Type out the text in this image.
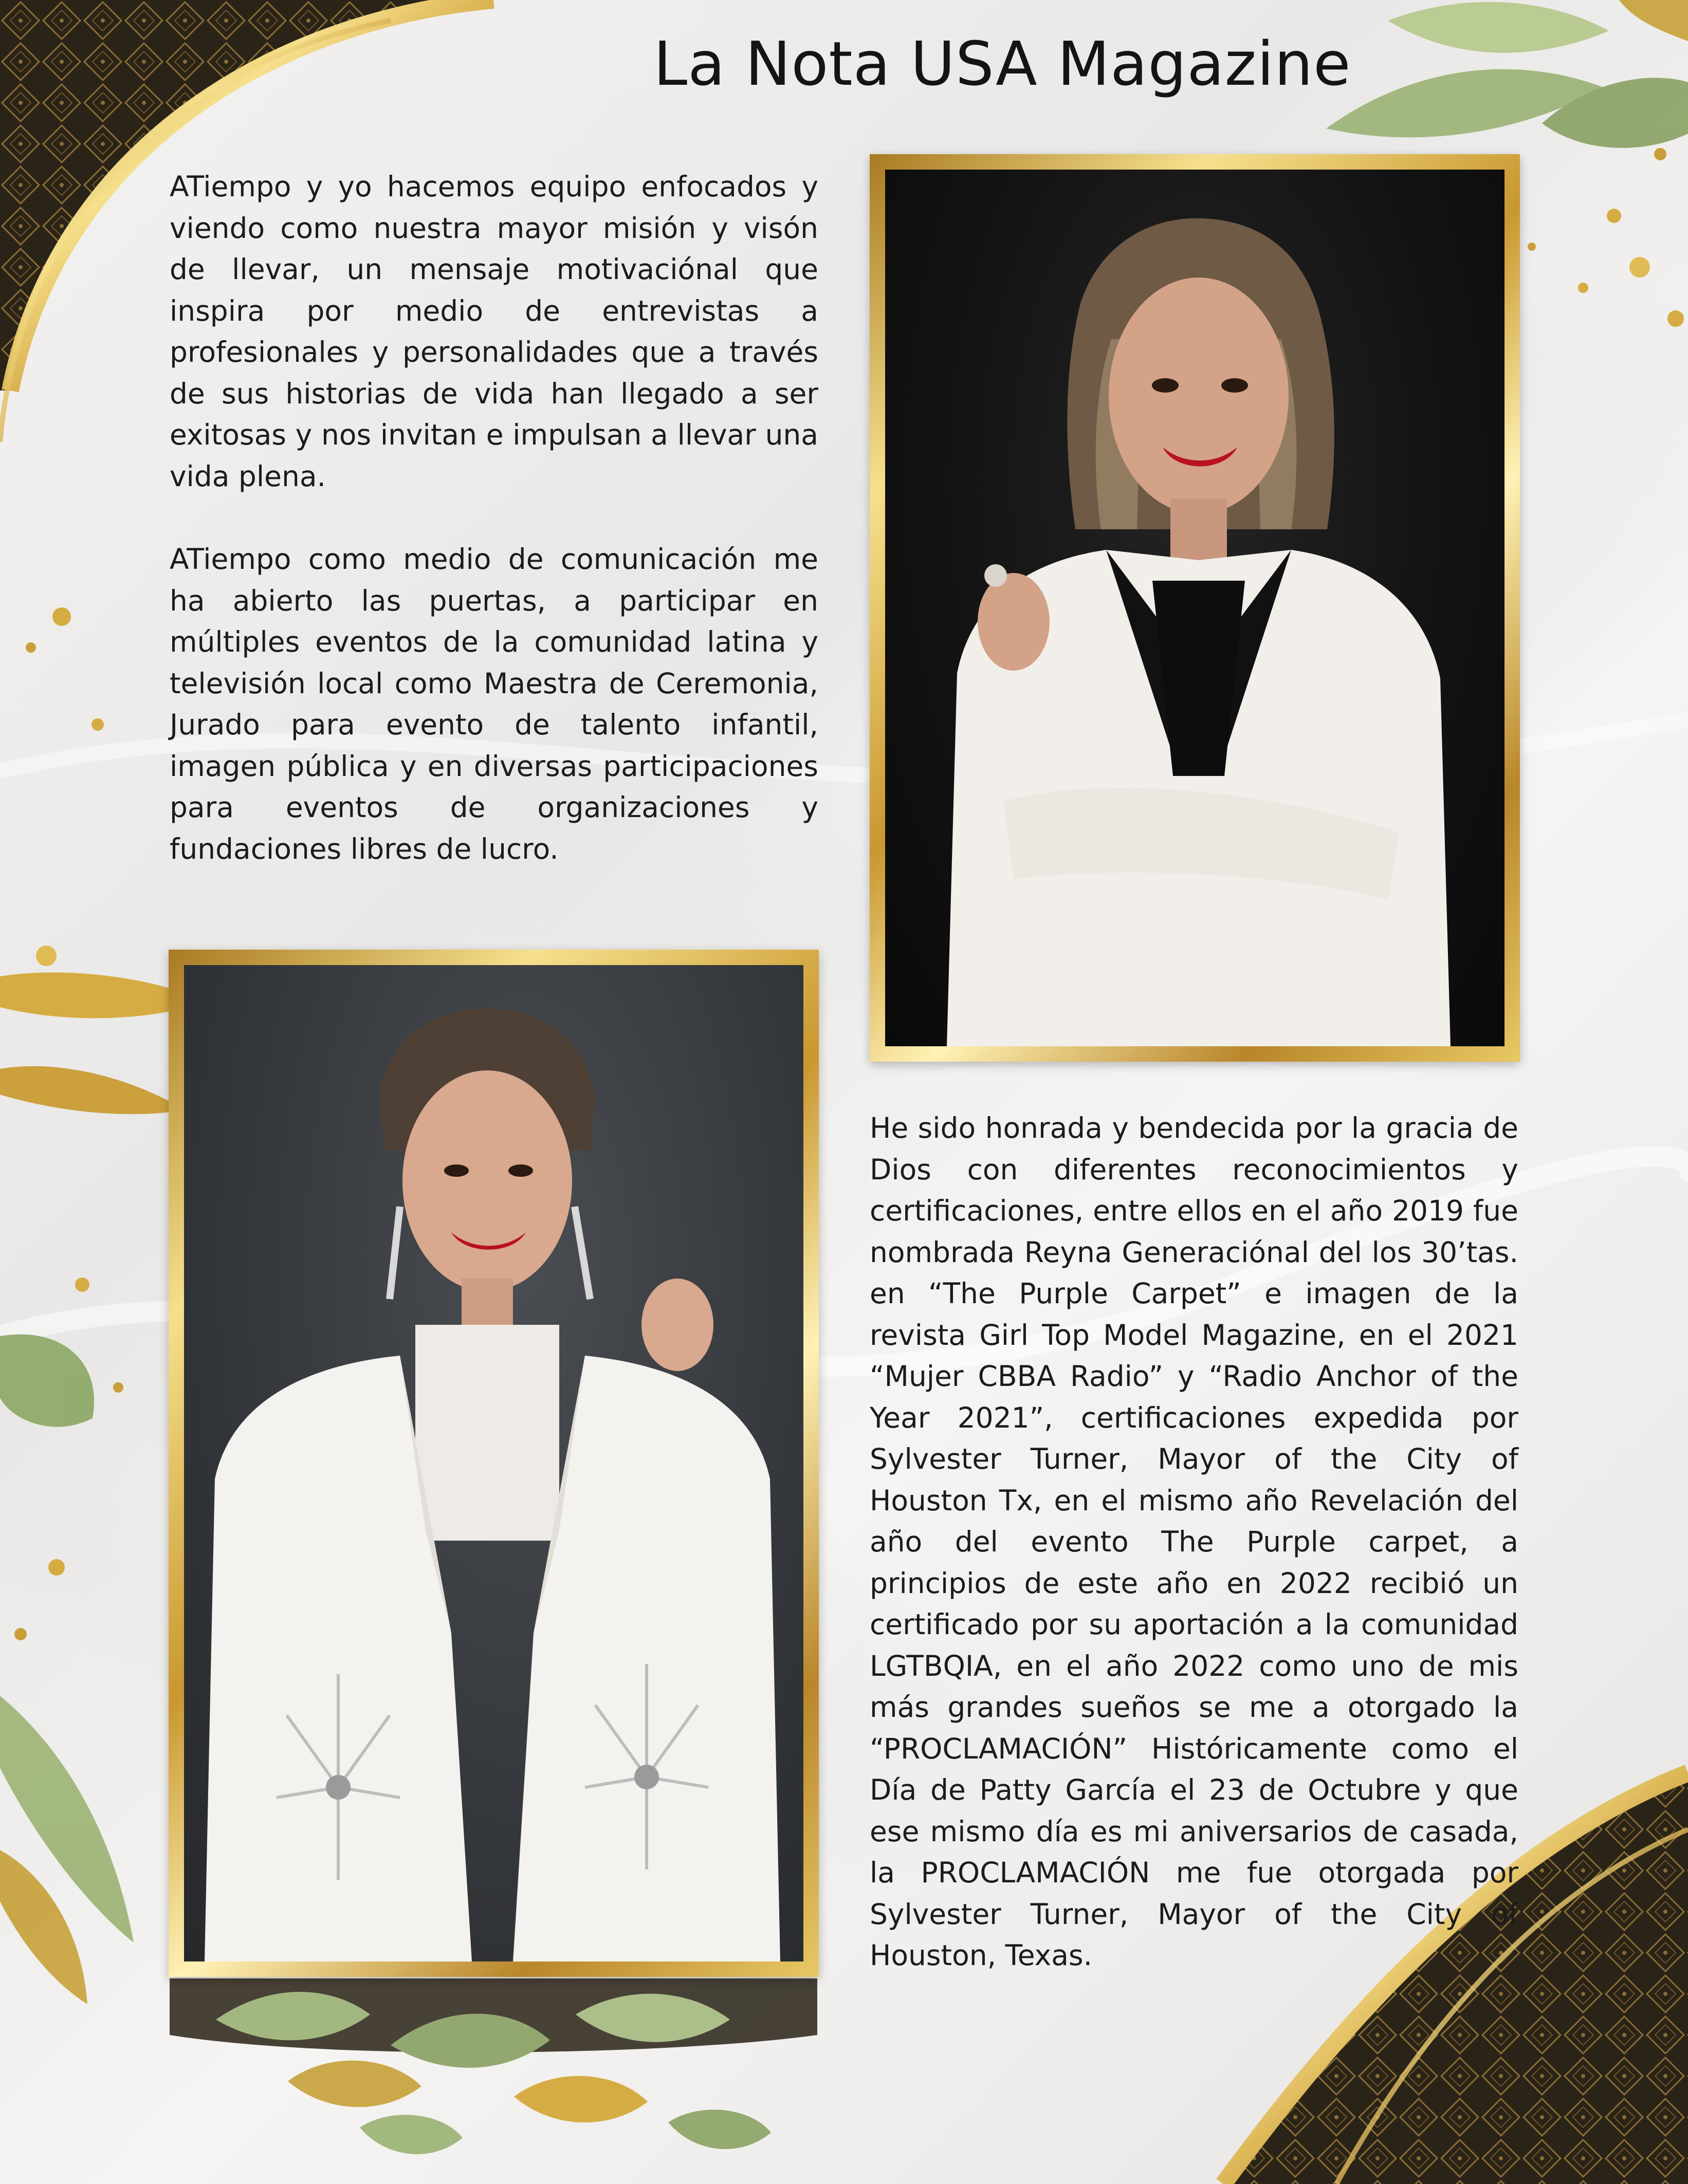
La Nota USA Magazine

ATiempo y yo hacemos equipo enfocados y viendo como nuestra mayor misión y visón de llevar, un mensaje motivaciónal que inspira por medio de entrevistas a profesionales y personalidades que a través de sus historias de vida han llegado a ser exitosas y nos invitan e impulsan a llevar una vida plena.

ATiempo como medio de comunicación me ha abierto las puertas, a participar en múltiples eventos de la comunidad latina y televisión local como Maestra de Ceremonia, Jurado para evento de talento infantil, imagen pública y en diversas participaciones para eventos de organizaciones y fundaciones libres de lucro.

He sido honrada y bendecida por la gracia de Dios con diferentes reconocimientos y certificaciones, entre ellos en el año 2019 fue nombrada Reyna Generaciónal del los 30’tas. en “The Purple Carpet” e imagen de la revista Girl Top Model Magazine, en el 2021 “Mujer CBBA Radio” y “Radio Anchor of the Year 2021”, certificaciones expedida por Sylvester Turner, Mayor of the City of Houston Tx, en el mismo año Revelación del año del evento The Purple carpet, a principios de este año en 2022 recibió un certificado por su aportación a la comunidad LGTBQIA, en el año 2022 como uno de mis más grandes sueños se me a otorgado la “PROCLAMACIÓN” Históricamente como el Día de Patty García el 23 de Octubre y que ese mismo día es mi aniversarios de casada, la PROCLAMACIÓN me fue otorgada por Sylvester Turner, Mayor of the City of Houston, Texas.
